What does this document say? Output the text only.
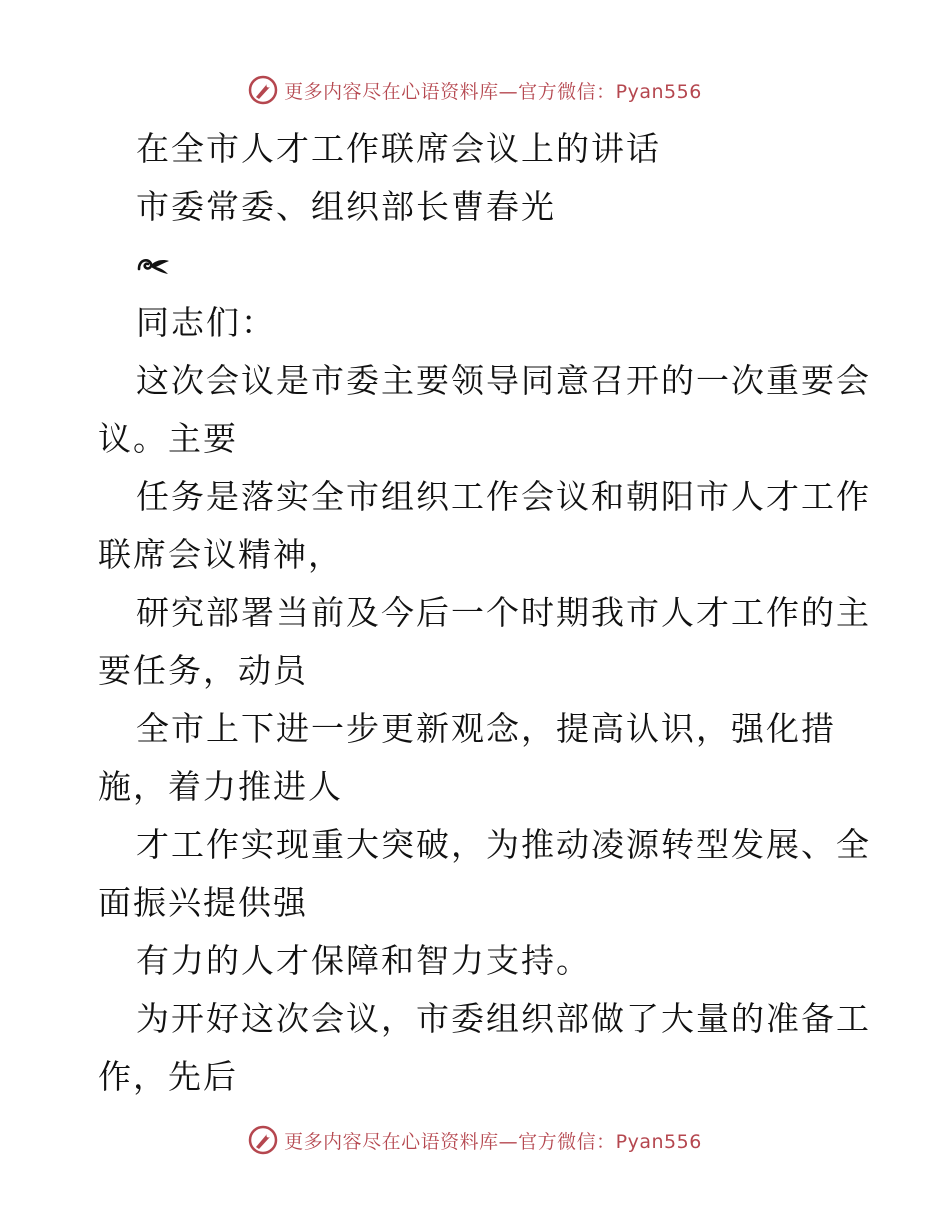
更多内容尽在心语资料库—官方微信：Pyan556
在全市人才工作联席会议上的讲话
市委常委、组织部长曹春光
同志们：
这次会议是市委主要领导同意召开的一次重要会
议。主要
任务是落实全市组织工作会议和朝阳市人才工作
联席会议精神，
研究部署当前及今后一个时期我市人才工作的主
要任务，动员
全市上下进一步更新观念，提高认识，强化措
施，着力推进人
才工作实现重大突破，为推动凌源转型发展、全
面振兴提供强
有力的人才保障和智力支持。
为开好这次会议，市委组织部做了大量的准备工
作，先后
更多内容尽在心语资料库—官方微信：Pyan556
